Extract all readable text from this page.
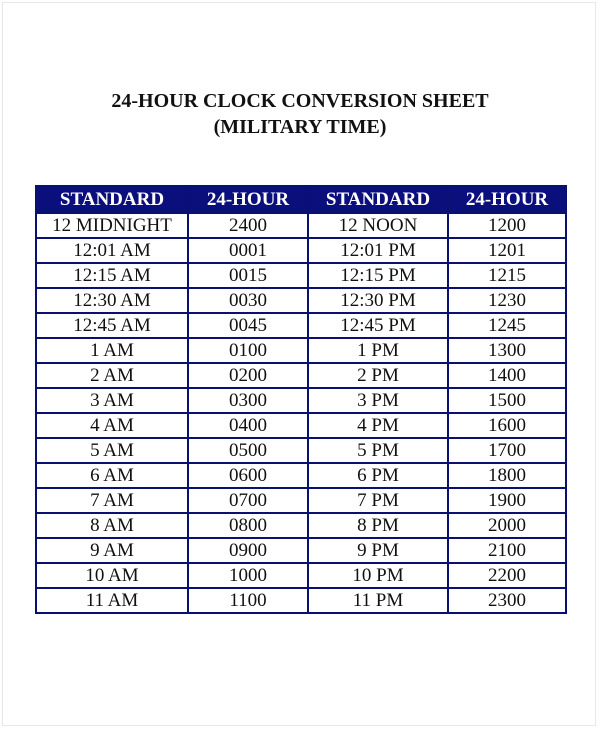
24-HOUR CLOCK CONVERSION SHEET
(MILITARY TIME)
STANDARD	24-HOUR	STANDARD	24-HOUR
12 MIDNIGHT	2400	12 NOON	1200
12:01 AM	0001	12:01 PM	1201
12:15 AM	0015	12:15 PM	1215
12:30 AM	0030	12:30 PM	1230
12:45 AM	0045	12:45 PM	1245
1 AM	0100	1 PM	1300
2 AM	0200	2 PM	1400
3 AM	0300	3 PM	1500
4 AM	0400	4 PM	1600
5 AM	0500	5 PM	1700
6 AM	0600	6 PM	1800
7 AM	0700	7 PM	1900
8 AM	0800	8 PM	2000
9 AM	0900	9 PM	2100
10 AM	1000	10 PM	2200
11 AM	1100	11 PM	2300
